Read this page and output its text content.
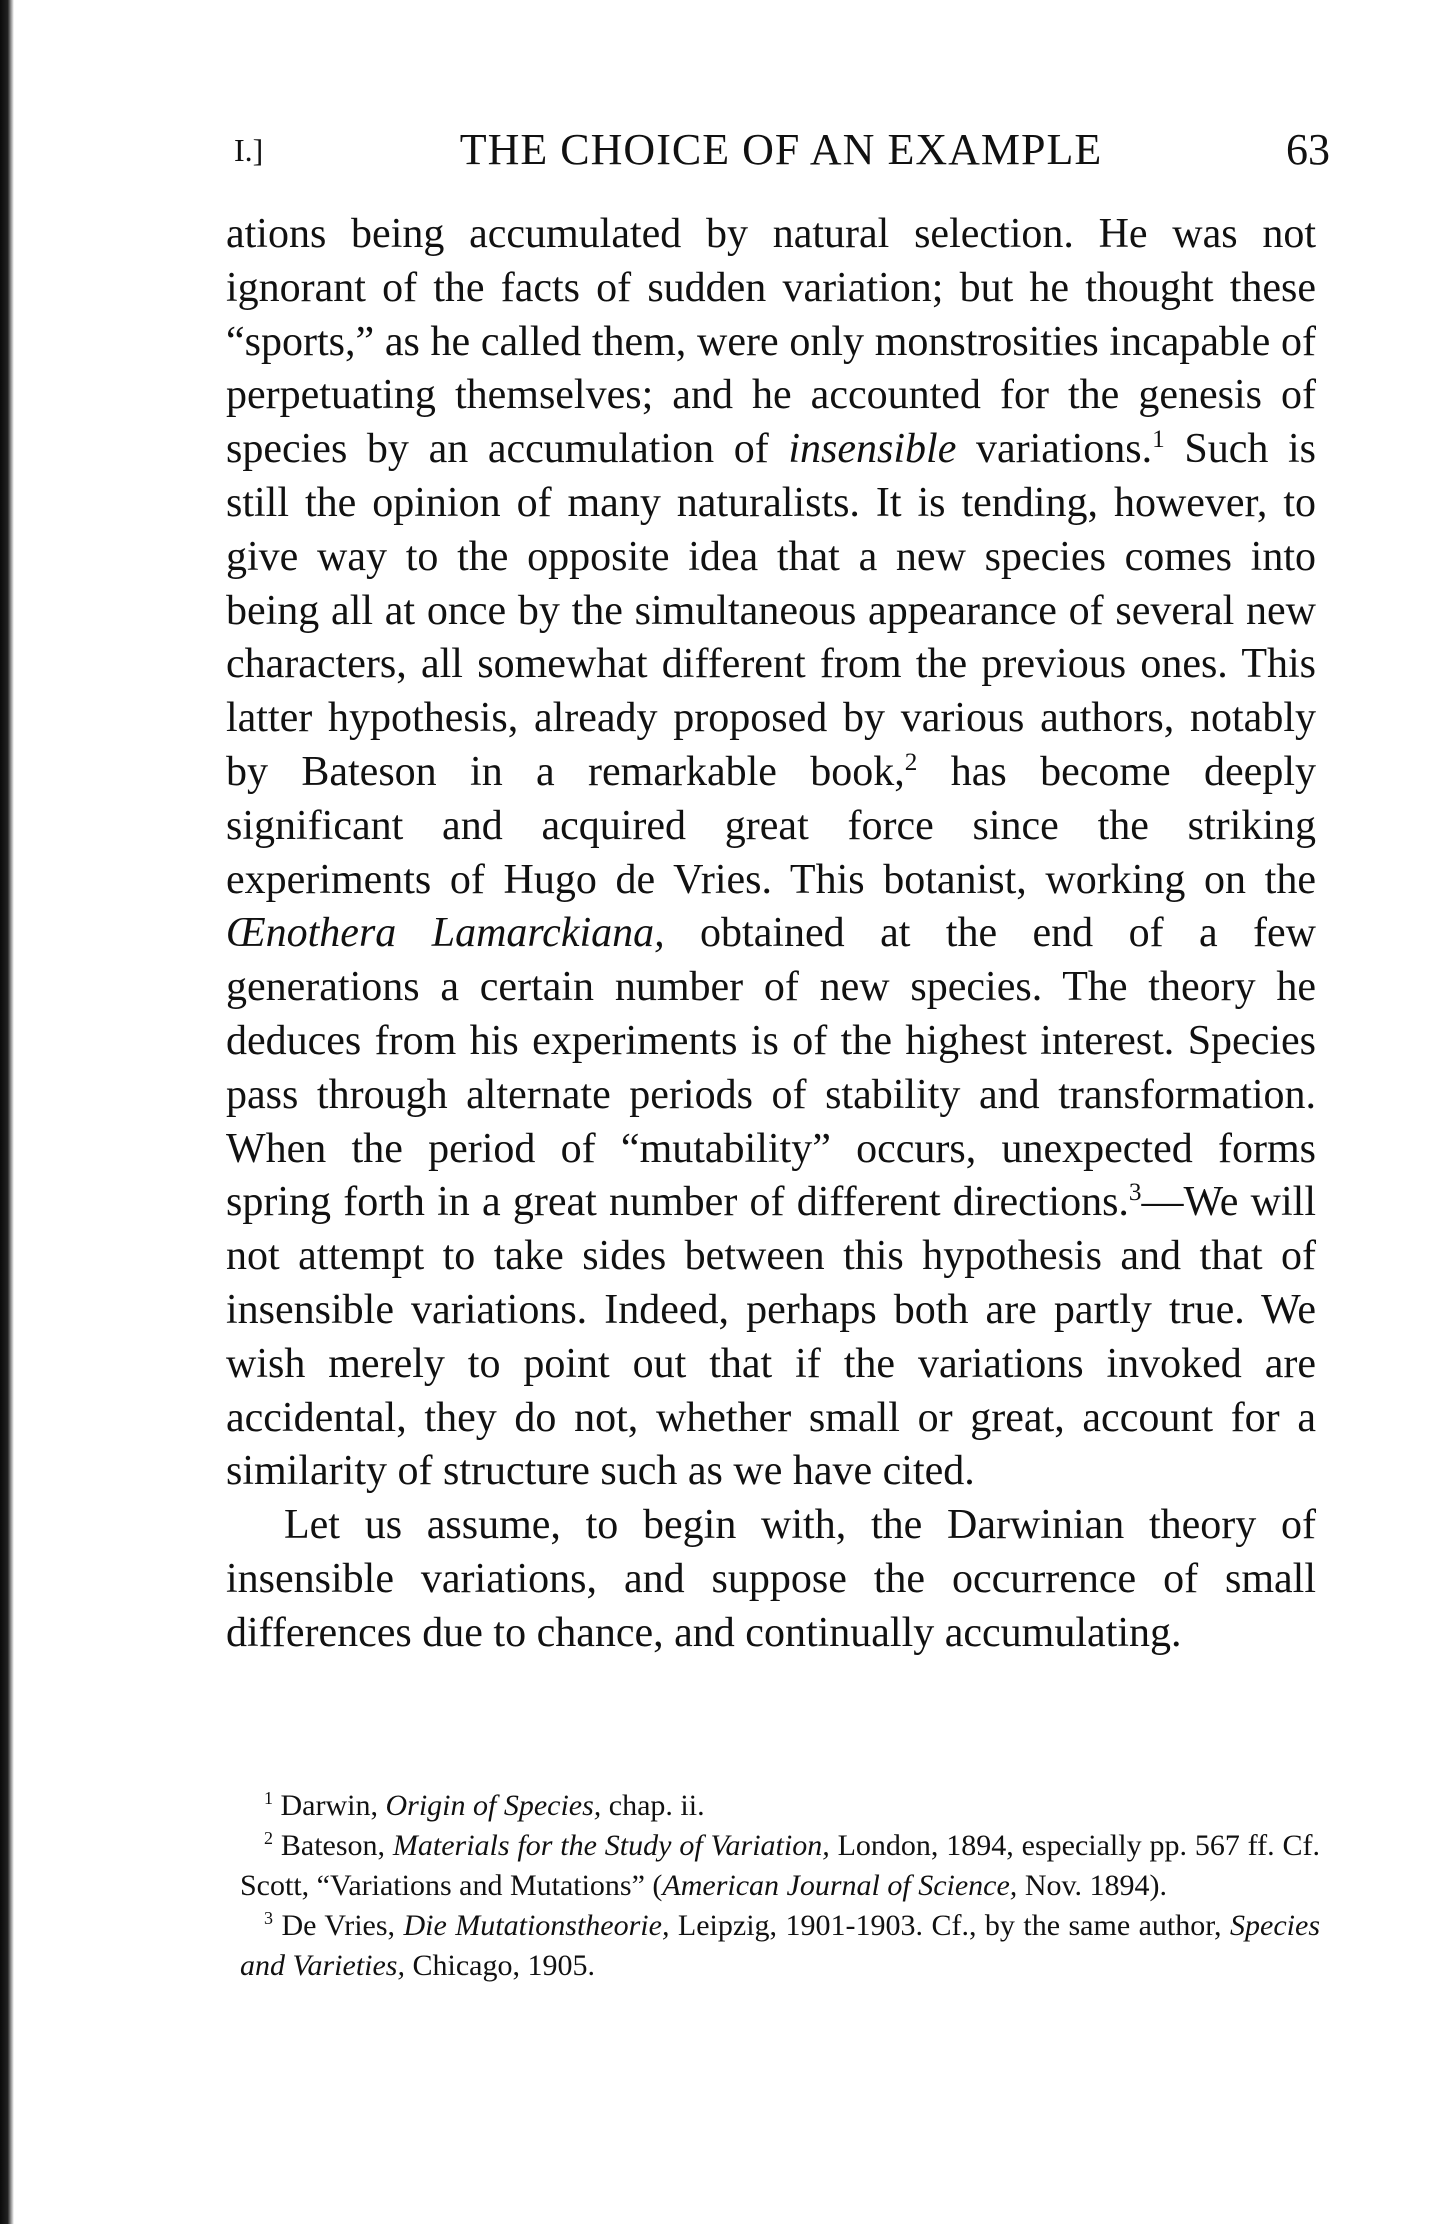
I.]	THE CHOICE OF AN EXAMPLE	63

ations being accumulated by natural selection. He was not ignorant of the facts of sudden variation; but he thought these “sports,” as he called them, were only monstrosities incapable of perpetuating themselves; and he accounted for the genesis of species by an accumulation of insensible variations.$^1$ Such is still the opinion of many naturalists. It is tending, however, to give way to the opposite idea that a new species comes into being all at once by the simultaneous appearance of several new characters, all somewhat different from the previous ones. This latter hypothesis, already proposed by various authors, notably by Bateson in a remarkable book,$^2$ has become deeply significant and acquired great force since the striking experiments of Hugo de Vries. This botanist, working on the Œnothera Lamarckiana, obtained at the end of a few generations a certain number of new species. The theory he deduces from his experiments is of the highest interest. Species pass through alternate periods of stability and transformation. When the period of “mutability” occurs, unexpected forms spring forth in a great number of different directions.$^3$—We will not attempt to take sides between this hypothesis and that of insensible variations. Indeed, perhaps both are partly true. We wish merely to point out that if the variations invoked are accidental, they do not, whether small or great, account for a similarity of structure such as we have cited.

Let us assume, to begin with, the Darwinian theory of insensible variations, and suppose the occurrence of small differences due to chance, and continually accumulating.

$^1$ Darwin, Origin of Species, chap. ii.

$^2$ Bateson, Materials for the Study of Variation, London, 1894, especially pp. 567 ff. Cf. Scott, “Variations and Mutations” (American Journal of Science, Nov. 1894).

$^3$ De Vries, Die Mutationstheorie, Leipzig, 1901-1903. Cf., by the same author, Species and Varieties, Chicago, 1905.
